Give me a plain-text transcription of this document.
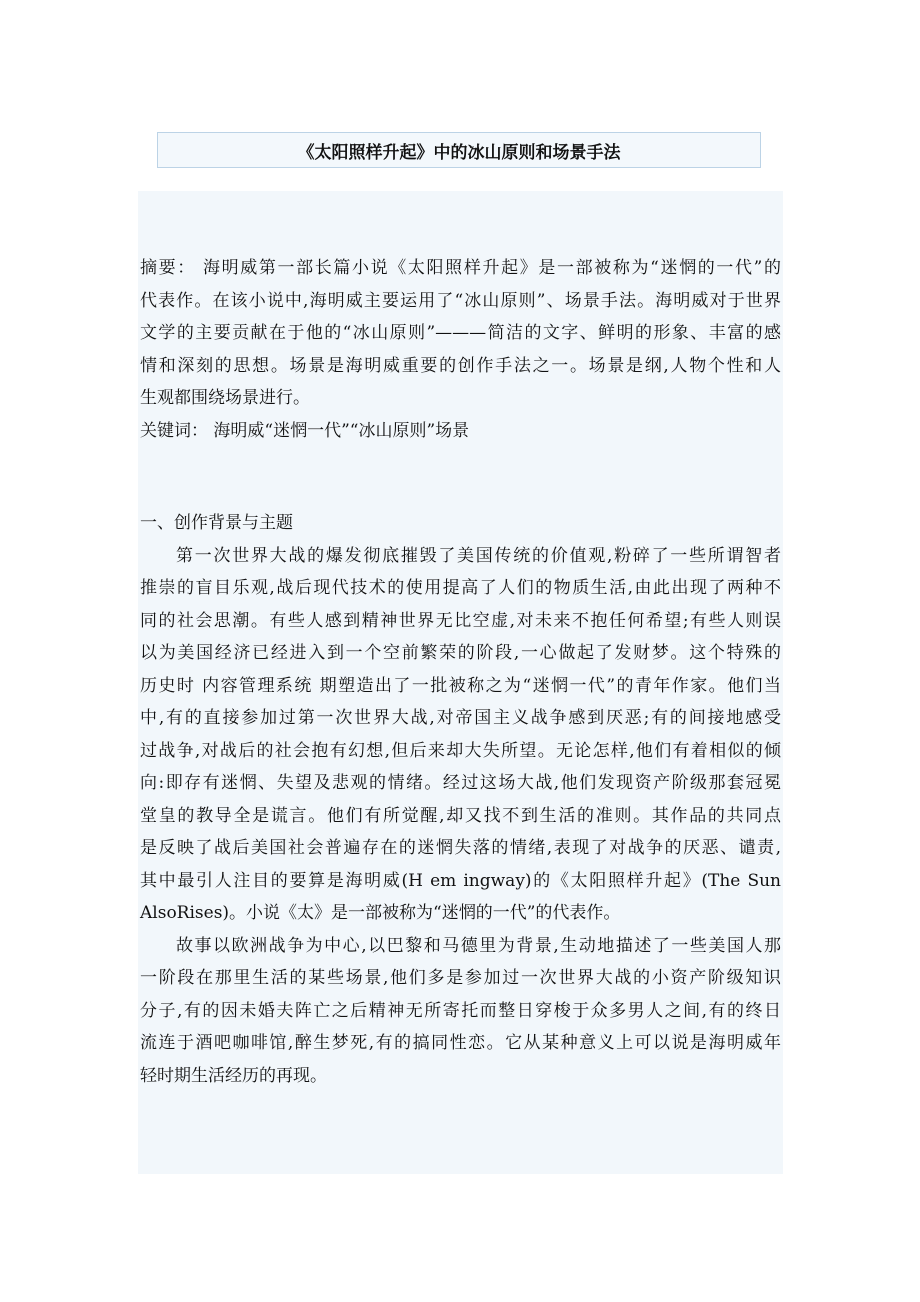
《太阳照样升起》中的冰山原则和场景手法
摘要： 海明威第一部长篇小说《太阳照样升起》是一部被称为“迷惘的一代”的
代表作。在该小说中,海明威主要运用了“冰山原则”、场景手法。海明威对于世界
文学的主要贡献在于他的“冰山原则”———简洁的文字、鲜明的形象、丰富的感
情和深刻的思想。场景是海明威重要的创作手法之一。场景是纲,人物个性和人
生观都围绕场景进行。
关键词： 海明威“迷惘一代”“冰山原则”场景
一、创作背景与主题
第一次世界大战的爆发彻底摧毁了美国传统的价值观,粉碎了一些所谓智者
推崇的盲目乐观,战后现代技术的使用提高了人们的物质生活,由此出现了两种不
同的社会思潮。有些人感到精神世界无比空虚,对未来不抱任何希望;有些人则误
以为美国经济已经进入到一个空前繁荣的阶段,一心做起了发财梦。这个特殊的
历史时 内容管理系统 期塑造出了一批被称之为“迷惘一代”的青年作家。他们当
中,有的直接参加过第一次世界大战,对帝国主义战争感到厌恶;有的间接地感受
过战争,对战后的社会抱有幻想,但后来却大失所望。无论怎样,他们有着相似的倾
向:即存有迷惘、失望及悲观的情绪。经过这场大战,他们发现资产阶级那套冠冕
堂皇的教导全是谎言。他们有所觉醒,却又找不到生活的准则。其作品的共同点
是反映了战后美国社会普遍存在的迷惘失落的情绪,表现了对战争的厌恶、谴责,
其中最引人注目的要算是海明威(H em ingway)的《太阳照样升起》(The Sun
AlsoRises)。小说《太》是一部被称为“迷惘的一代”的代表作。
故事以欧洲战争为中心,以巴黎和马德里为背景,生动地描述了一些美国人那
一阶段在那里生活的某些场景,他们多是参加过一次世界大战的小资产阶级知识
分子,有的因未婚夫阵亡之后精神无所寄托而整日穿梭于众多男人之间,有的终日
流连于酒吧咖啡馆,醉生梦死,有的搞同性恋。它从某种意义上可以说是海明威年
轻时期生活经历的再现。
